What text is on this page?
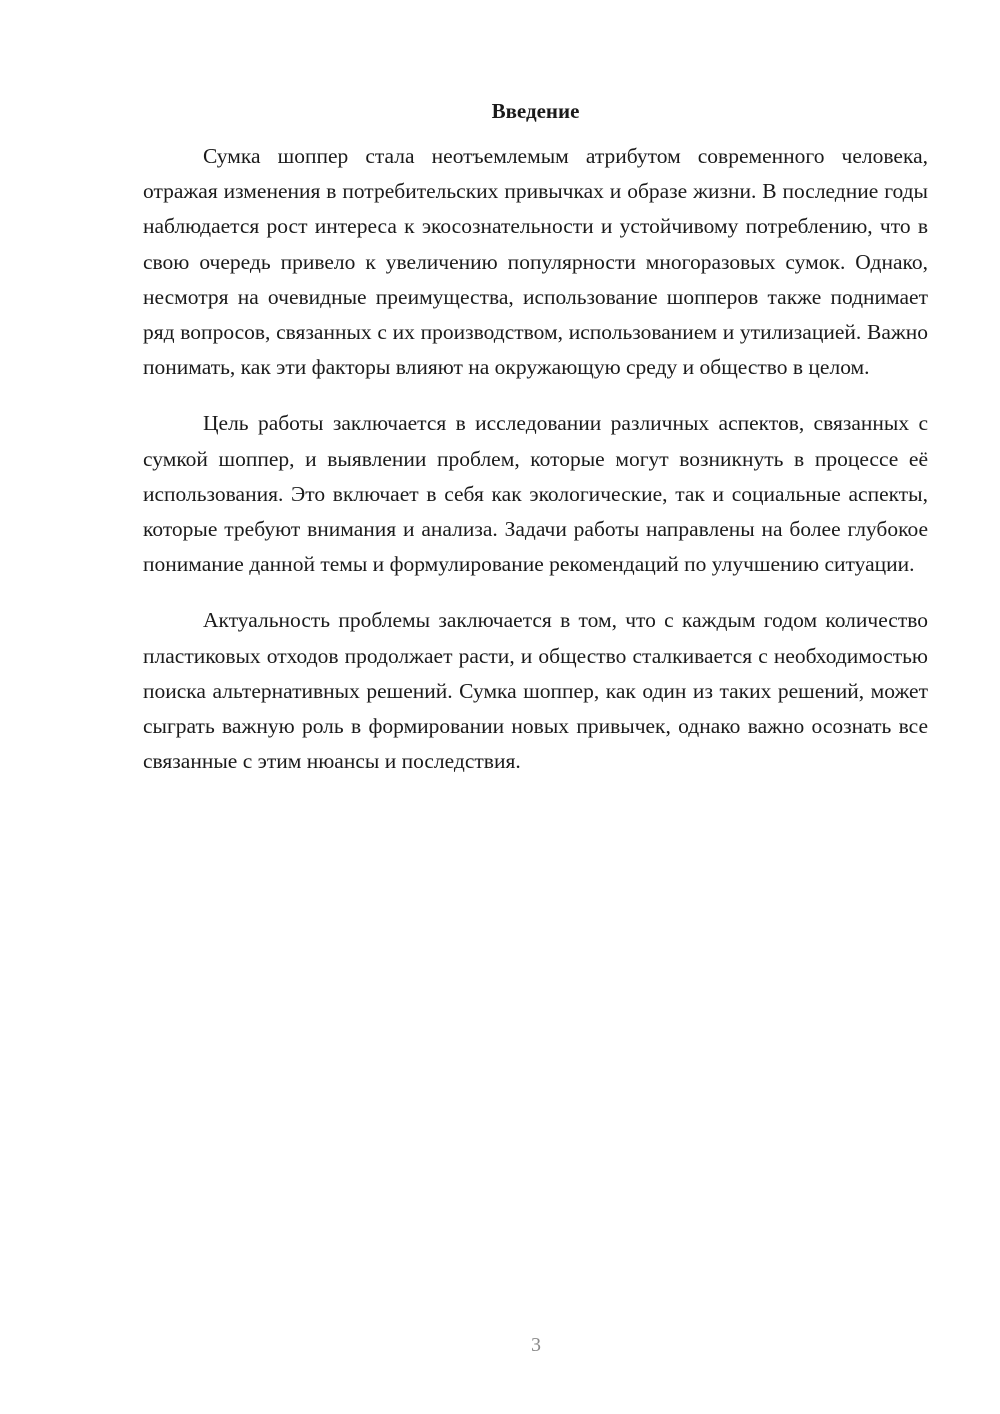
Введение

Сумка шоппер стала неотъемлемым атрибутом современного человека, отражая изменения в потребительских привычках и образе жизни. В последние годы наблюдается рост интереса к экосознательности и устойчивому потреблению, что в свою очередь привело к увеличению популярности многоразовых сумок. Однако, несмотря на очевидные преимущества, использование шопперов также поднимает ряд вопросов, связанных с их производством, использованием и утилизацией. Важно понимать, как эти факторы влияют на окружающую среду и общество в целом.

Цель работы заключается в исследовании различных аспектов, связанных с сумкой шоппер, и выявлении проблем, которые могут возникнуть в процессе её использования. Это включает в себя как экологические, так и социальные аспекты, которые требуют внимания и анализа. Задачи работы направлены на более глубокое понимание данной темы и формулирование рекомендаций по улучшению ситуации.

Актуальность проблемы заключается в том, что с каждым годом количество пластиковых отходов продолжает расти, и общество сталкивается с необходимостью поиска альтернативных решений. Сумка шоппер, как один из таких решений, может сыграть важную роль в формировании новых привычек, однако важно осознать все связанные с этим нюансы и последствия.

3
